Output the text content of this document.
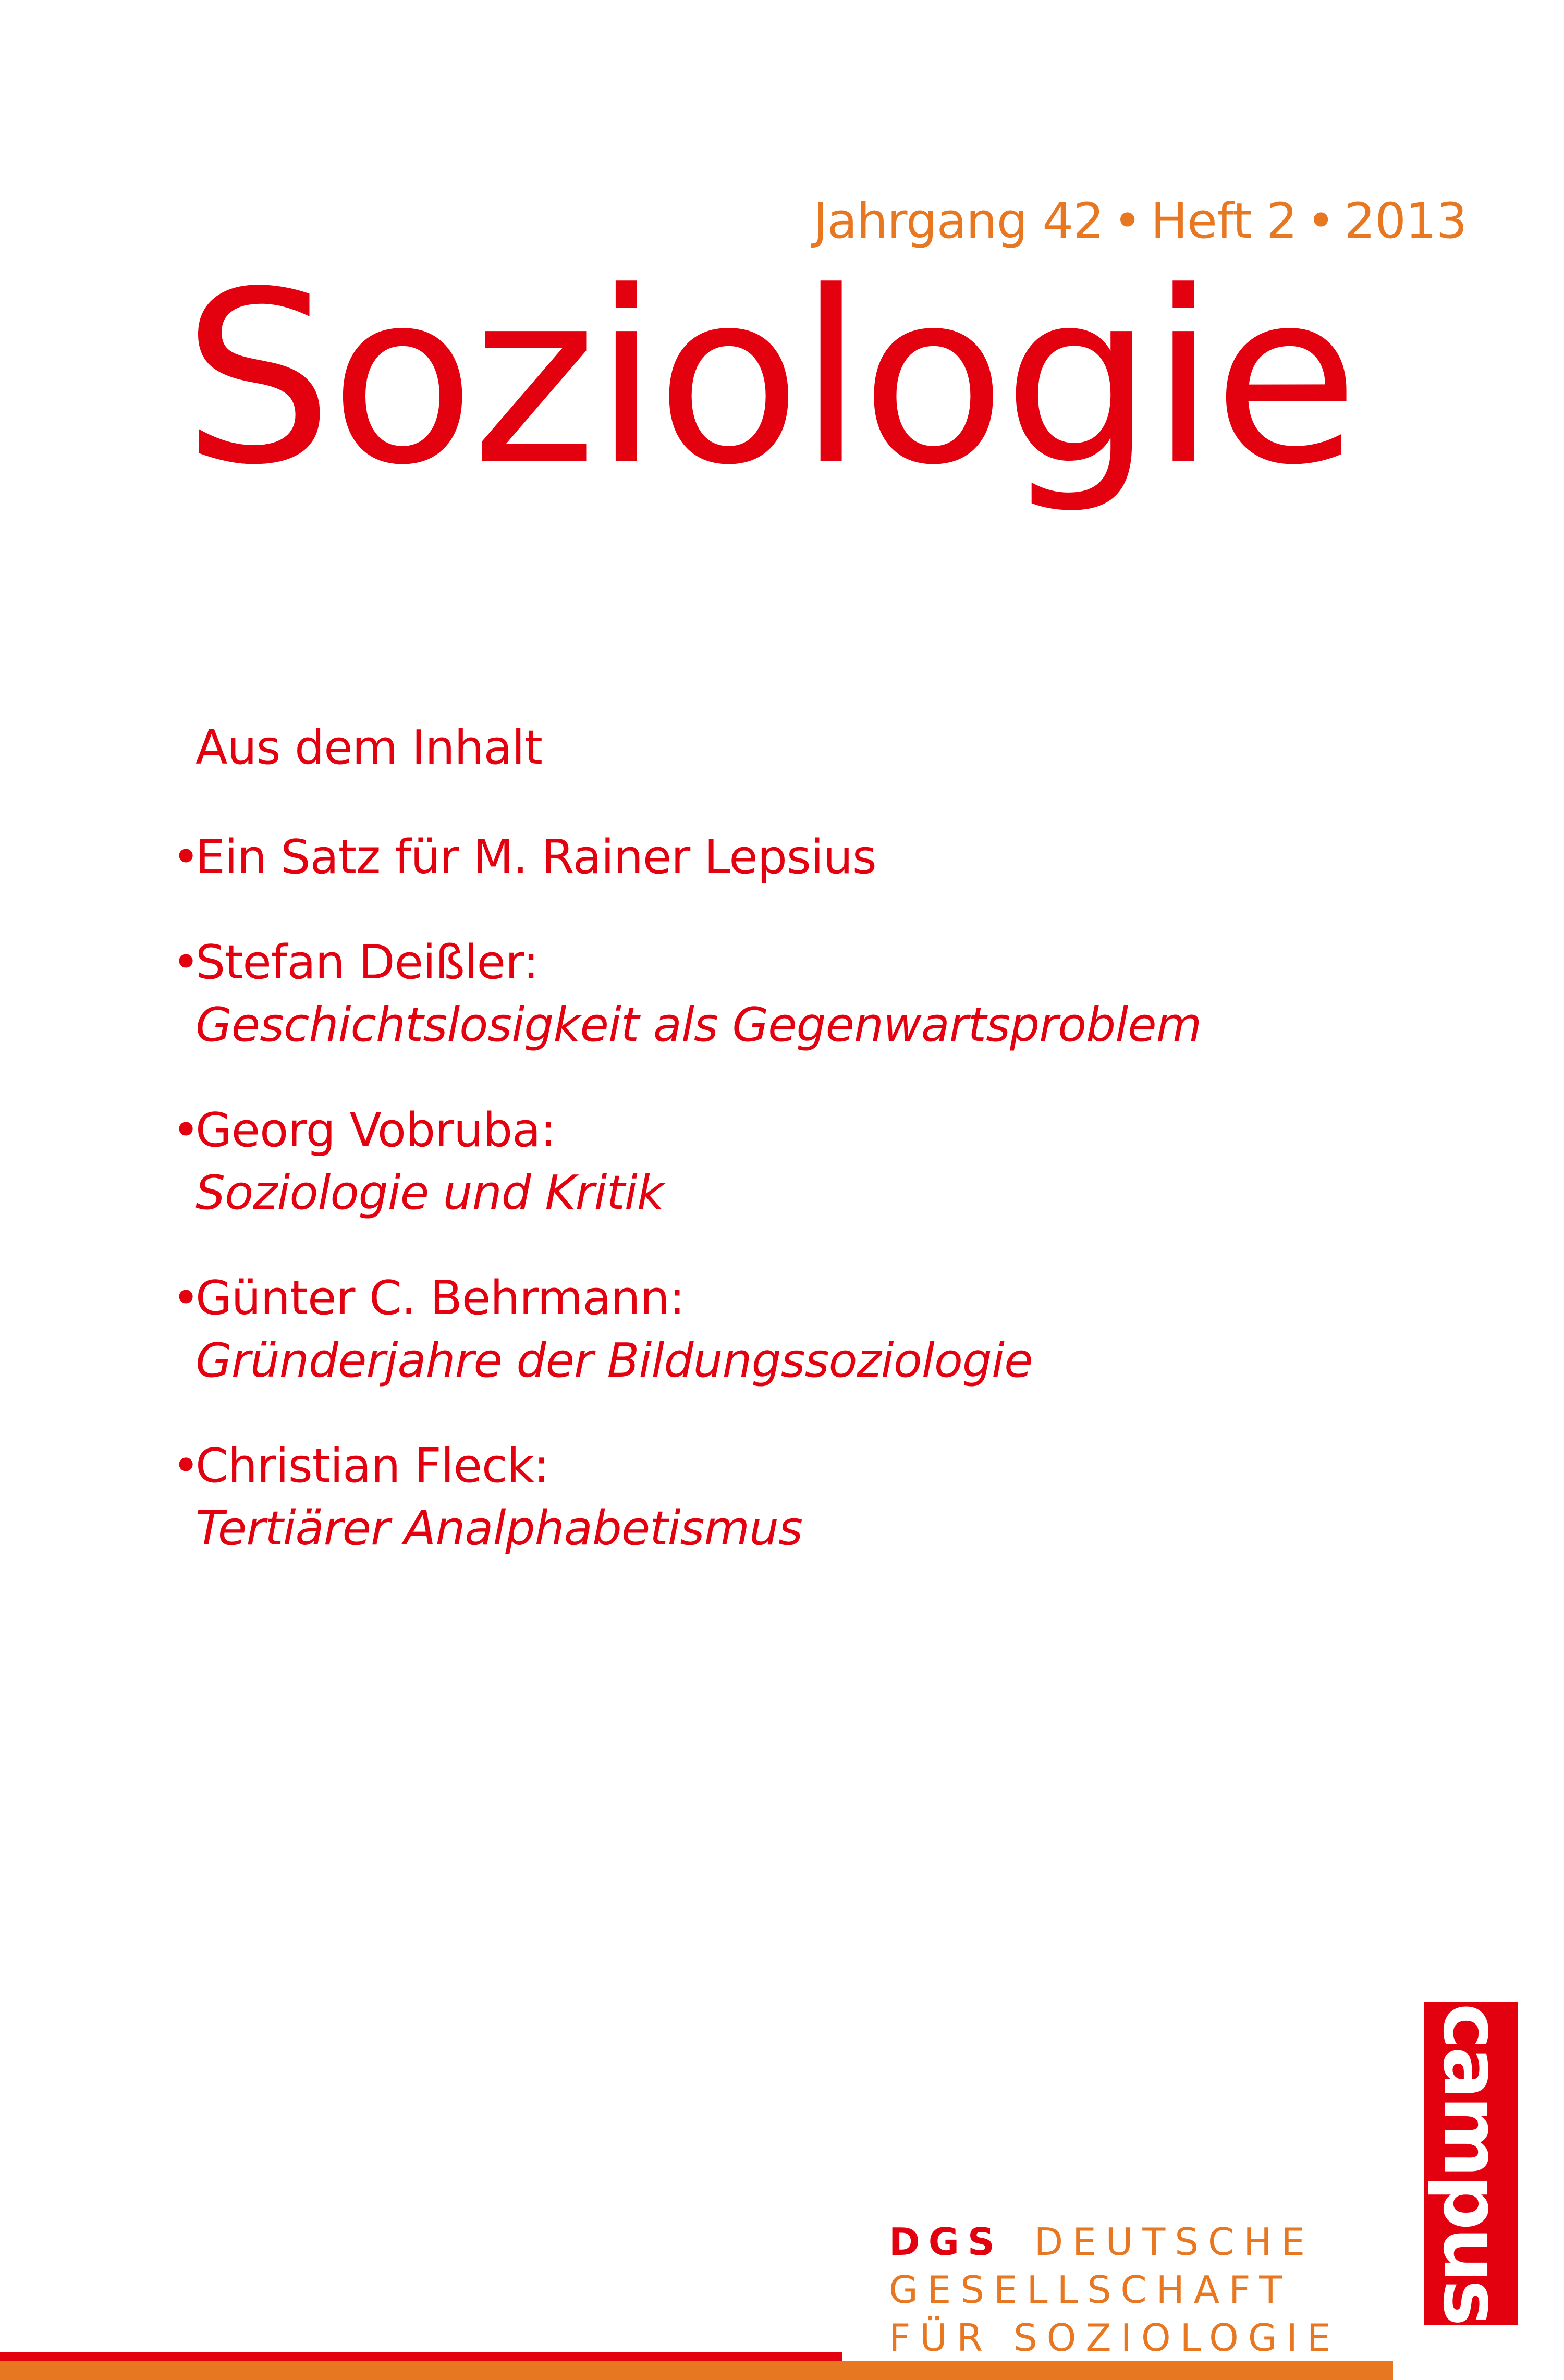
Jahrgang 42 • Heft 2 • 2013
Soziologie
Aus dem Inhalt
•
Ein Satz für M. Rainer Lepsius
•
Stefan Deißler:
Geschichtslosigkeit als Gegenwartsproblem
•
Georg Vobruba:
Soziologie und Kritik
•
Günter C. Behrmann:
Gründerjahre der Bildungssoziologie
•
Christian Fleck:
Tertiärer Analphabetismus
campus
DGS DEUTSCHE
GESELLSCHAFT
FÜR SOZIOLOGIE
